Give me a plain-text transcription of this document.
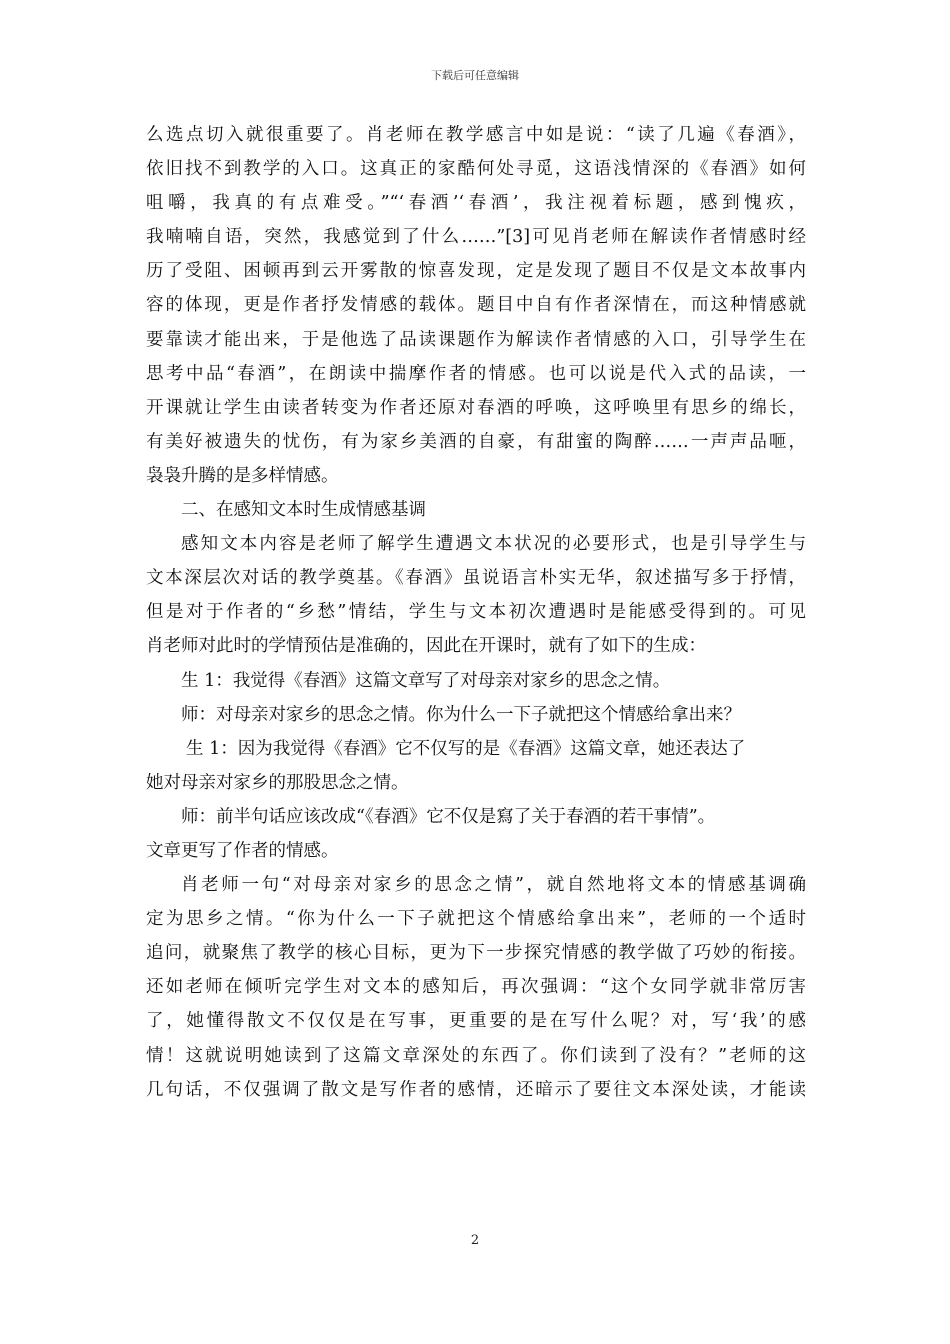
下载后可任意编辑
么选点切入就很重要了。肖老师在教学感言中如是说：“读了几遍《春酒》，
依旧找不到教学的入口。这真正的家酷何处寻觅，这语浅情深的《春酒》如何
咀嚼，我真的有点难受。”“‘春酒’‘春酒’，我注视着标题，感到愧疚，
我喃喃自语，突然，我感觉到了什么……”[3]可见肖老师在解读作者情感时经
历了受阻、困顿再到云开雾散的惊喜发现，定是发现了题目不仅是文本故事内
容的体现，更是作者抒发情感的载体。题目中自有作者深情在，而这种情感就
要靠读才能出来，于是他选了品读课题作为解读作者情感的入口，引导学生在
思考中品“春酒”，在朗读中揣摩作者的情感。也可以说是代入式的品读，一
开课就让学生由读者转变为作者还原对春酒的呼唤，这呼唤里有思乡的绵长，
有美好被遗失的忧伤，有为家乡美酒的自豪，有甜蜜的陶醉……一声声品咂，
袅袅升腾的是多样情感。
二、在感知文本时生成情感基调
感知文本内容是老师了解学生遭遇文本状况的必要形式，也是引导学生与
文本深层次对话的教学奠基。《春酒》虽说语言朴实无华，叙述描写多于抒情，
但是对于作者的“乡愁”情结，学生与文本初次遭遇时是能感受得到的。可见
肖老师对此时的学情预估是准确的，因此在开课时，就有了如下的生成：
生 1：我觉得《春酒》这篇文章写了对母亲对家乡的思念之情。
师：对母亲对家乡的思念之情。你为什么一下子就把这个情感给拿出来？
生 1：因为我觉得《春酒》它不仅写的是《春酒》这篇文章，她还表达了
她对母亲对家乡的那股思念之情。
师：前半句话应该改成“《春酒》它不仅是寫了关于春酒的若干事情”。
文章更写了作者的情感。
肖老师一句“对母亲对家乡的思念之情”，就自然地将文本的情感基调确
定为思乡之情。“你为什么一下子就把这个情感给拿出来”，老师的一个适时
追问，就聚焦了教学的核心目标，更为下一步探究情感的教学做了巧妙的衔接。
还如老师在倾听完学生对文本的感知后，再次强调：“这个女同学就非常厉害
了，她懂得散文不仅仅是在写事，更重要的是在写什么呢？对，写‘我’的感
情！这就说明她读到了这篇文章深处的东西了。你们读到了没有？”老师的这
几句话，不仅强调了散文是写作者的感情，还暗示了要往文本深处读，才能读
2
